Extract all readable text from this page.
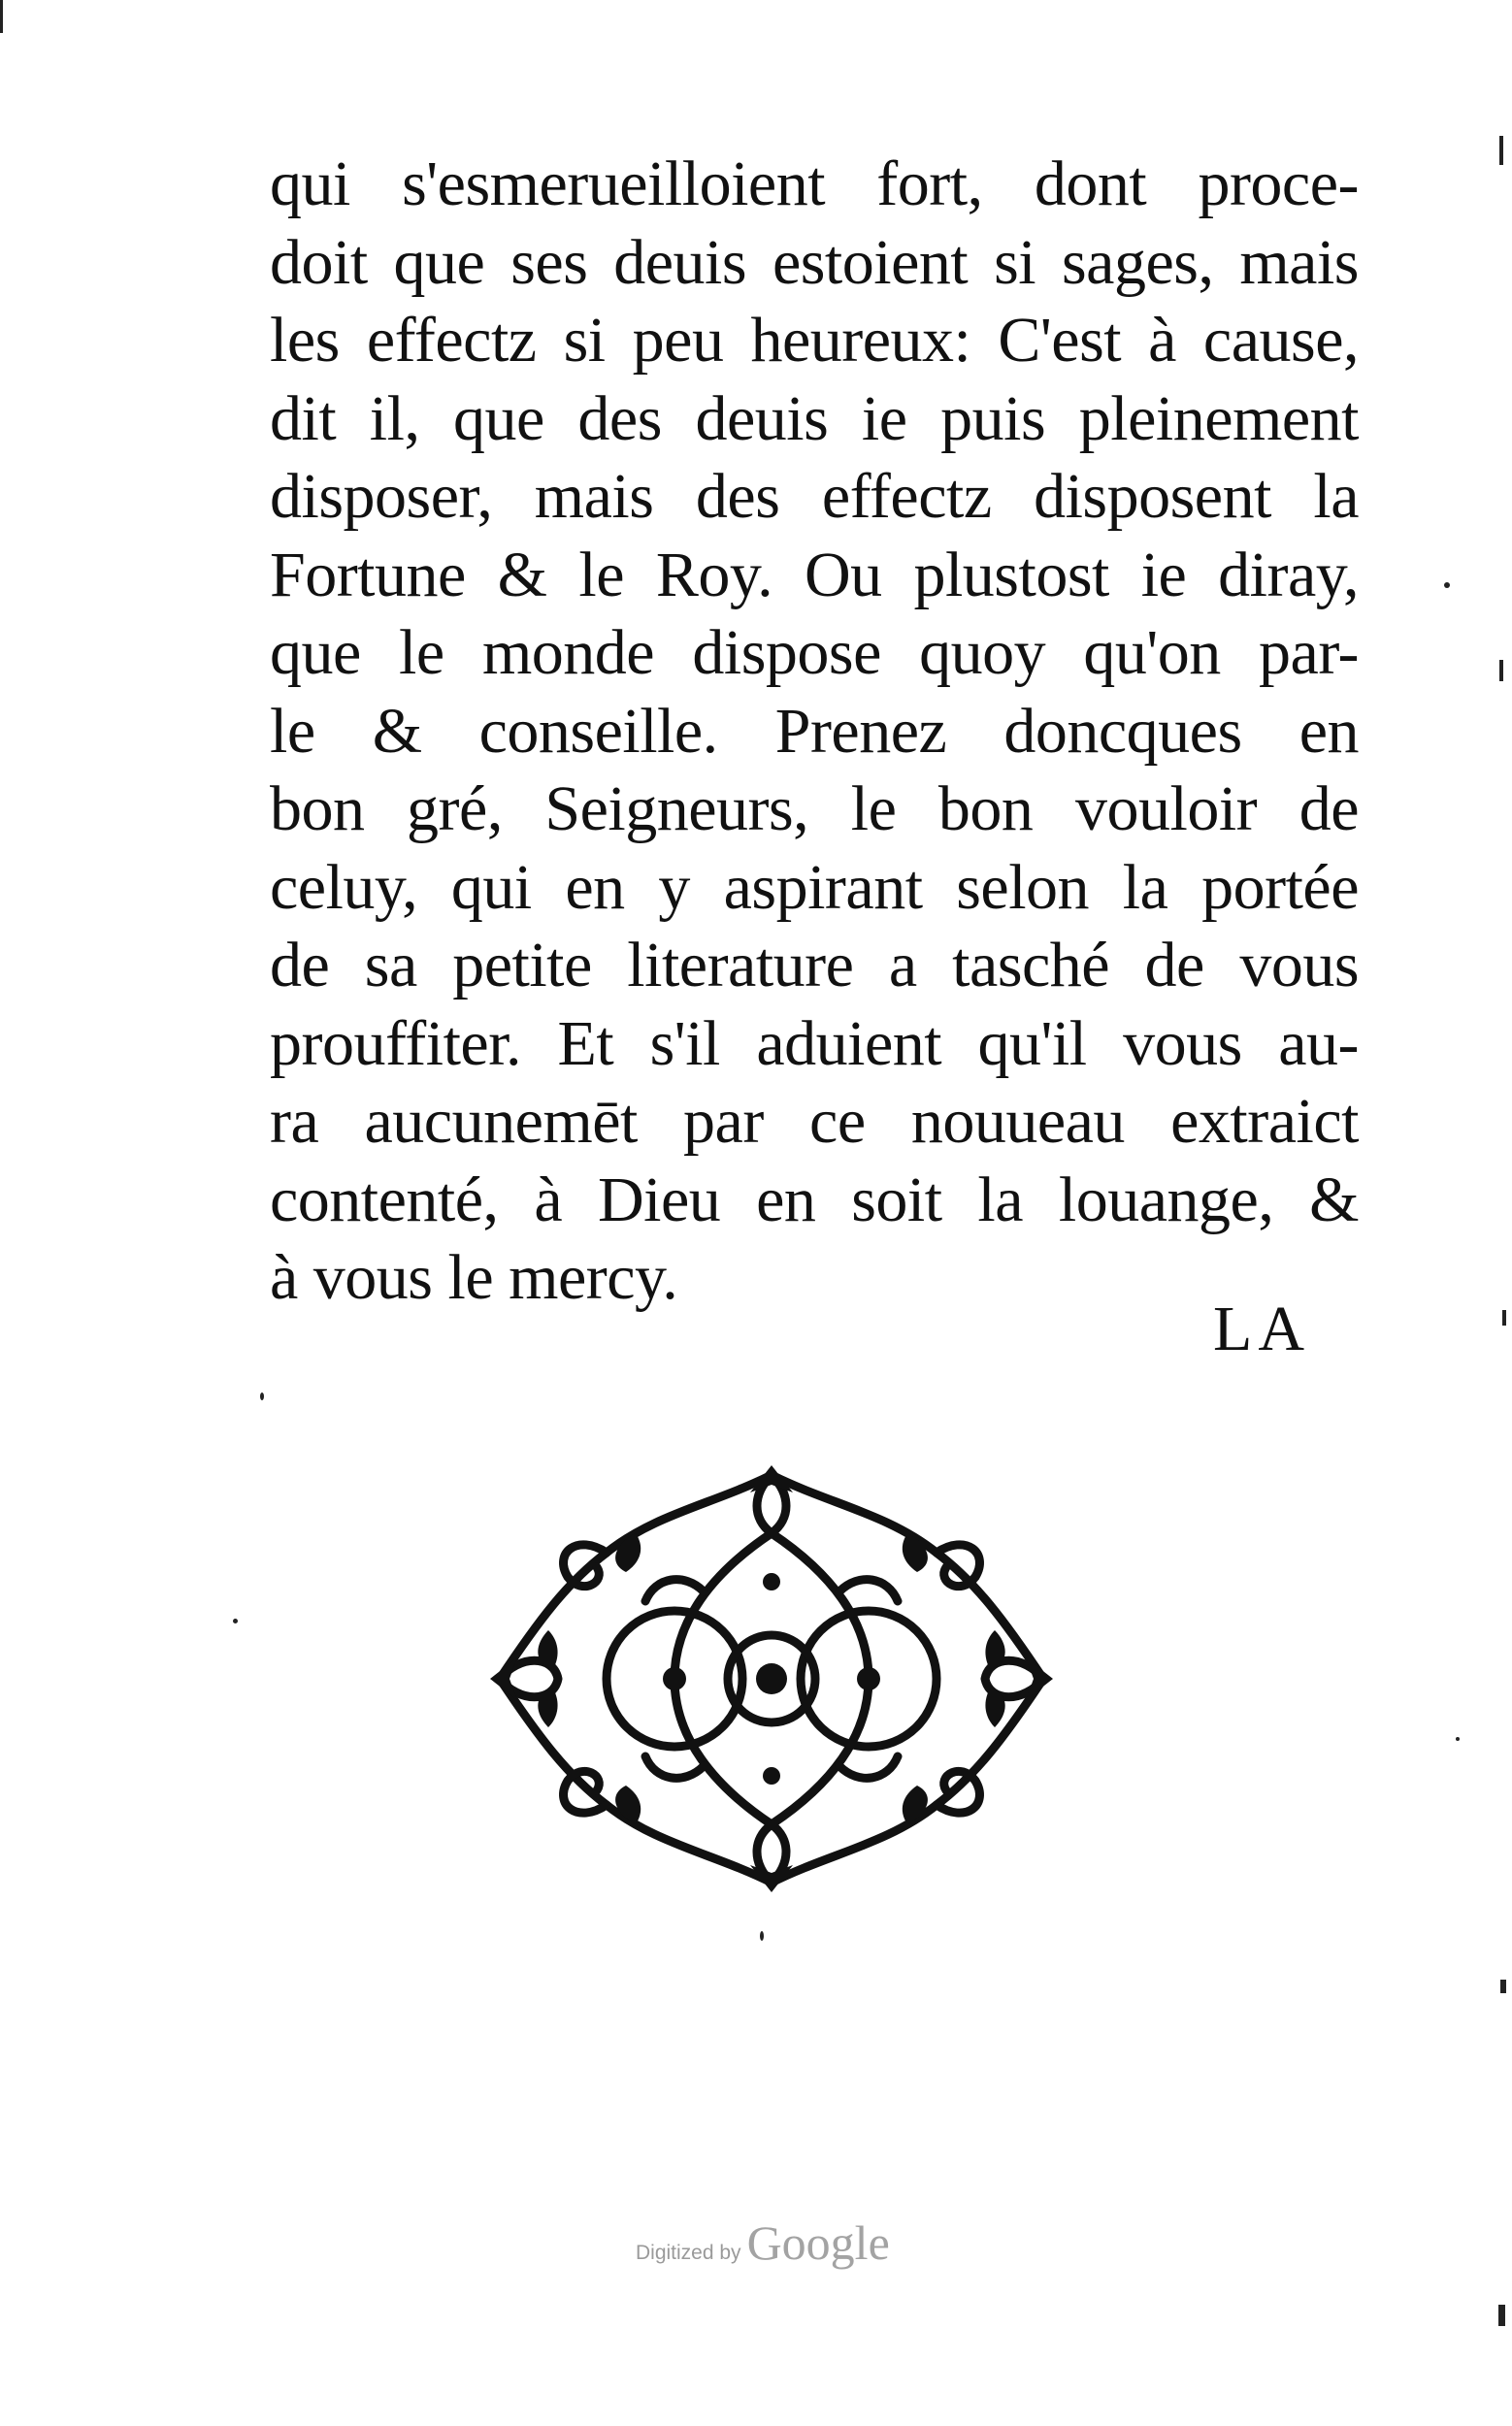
qui s'esmerueilloient fort, dont proce-
doit que ses deuis estoient si sages, mais
les effectz si peu heureux: C'est à cause,
dit il, que des deuis ie puis pleinement
disposer, mais des effectz disposent la
Fortune & le Roy. Ou plustost ie diray,
que le monde dispose quoy qu'on par-
le & conseille. Prenez doncques en
bon gré, Seigneurs, le bon vouloir de
celuy, qui en y aspirant selon la portée
de sa petite literature a tasché de vous
prouffiter. Et s'il aduient qu'il vous au-
ra aucunemēt par ce nouueau extraict
contenté, à Dieu en soit la louange, &
à vous le mercy.
LA
Digitized by Google
